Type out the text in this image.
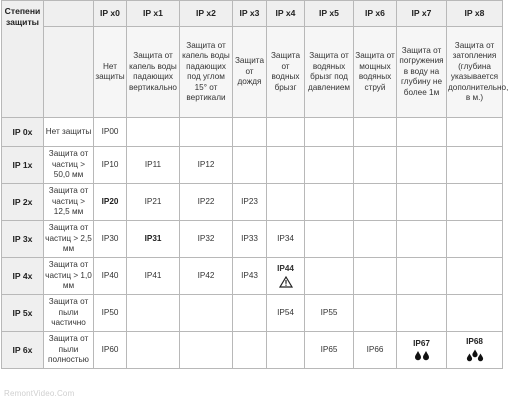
Степени защиты		IP x0	IP x1	IP x2	IP x3	IP x4	IP x5	IP x6	IP x7	IP x8
		Нет защиты	Защита от капель воды падающих вертикально	Защита от капель воды падающих под углом 15° от вертикали	Защита от дождя	Защита от водных брызг	Защита от водяных брызг под давлением	Защита от мощных водяных струй	Защита от погружения в воду на глубину не более 1м	Защита от затопления (глубина указывается дополнительно, в м.)
IP 0x	Нет защиты	IP00								
IP 1x	Защита от частиц > 50,0 мм	IP10	IP11	IP12						
IP 2x	Защита от частиц > 12,5 мм	IP20	IP21	IP22	IP23					
IP 3x	Защита от частиц > 2,5 мм	IP30	IP31	IP32	IP33	IP34				
IP 4x	Защита от частиц > 1,0 мм	IP40	IP41	IP42	IP43	IP44

IP 5x	Защита от пыли частично	IP50				IP54	IP55			
IP 6x	Защита от пыли полностью	IP60					IP65	IP66	IP67	IP68
RemontVideo.Com
